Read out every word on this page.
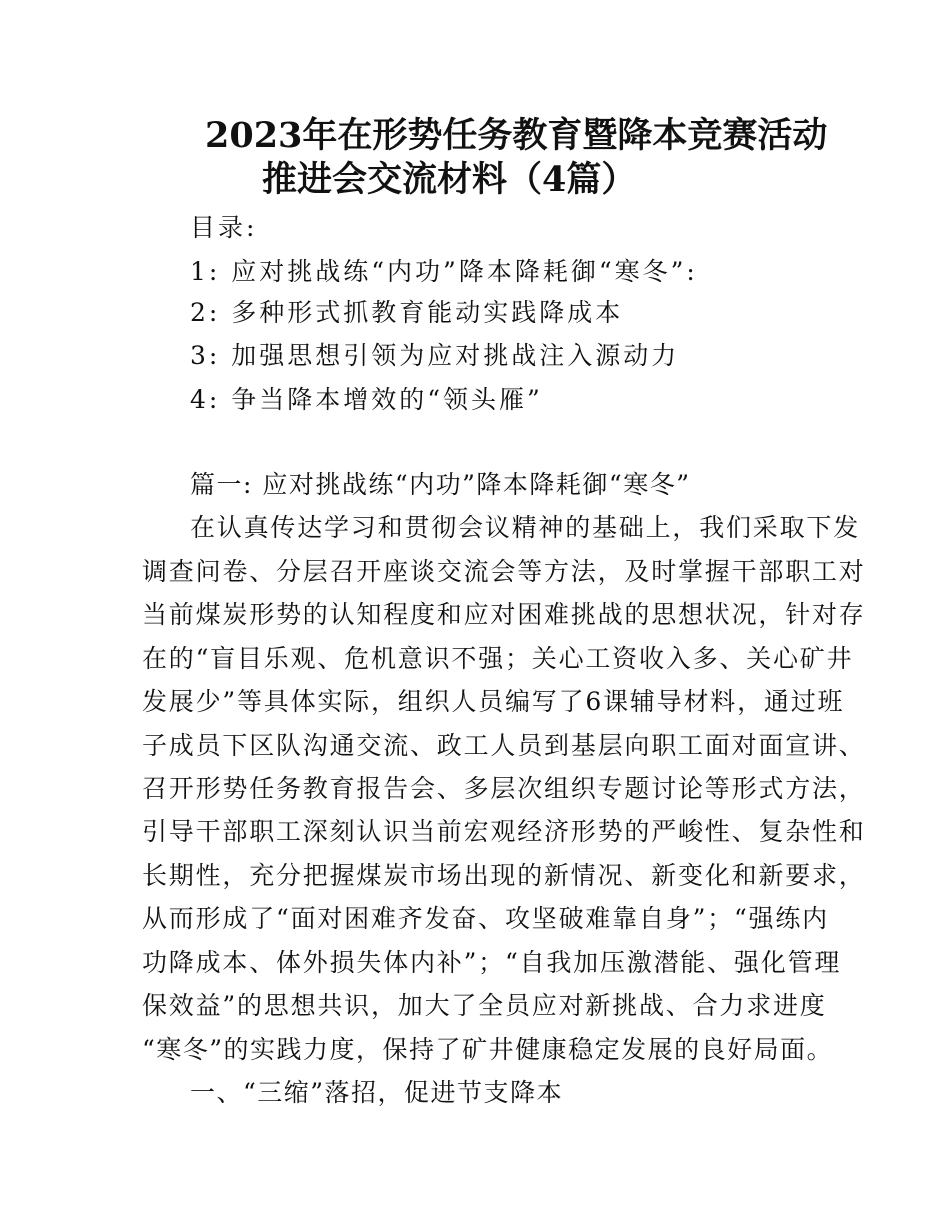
2023年在形势任务教育暨降本竞赛活动
推进会交流材料（4篇）
目录:
1: 应对挑战练“内功”降本降耗御“寒冬”:
2: 多种形式抓教育能动实践降成本
3: 加强思想引领为应对挑战注入源动力
4: 争当降本增效的“领头雁”
篇一: 应对挑战练“内功”降本降耗御“寒冬”
在认真传达学习和贯彻会议精神的基础上，我们采取下发
调查问卷、分层召开座谈交流会等方法，及时掌握干部职工对
当前煤炭形势的认知程度和应对困难挑战的思想状况，针对存
在的“盲目乐观、危机意识不强；关心工资收入多、关心矿井
发展少”等具体实际，组织人员编写了6课辅导材料，通过班
子成员下区队沟通交流、政工人员到基层向职工面对面宣讲、
召开形势任务教育报告会、多层次组织专题讨论等形式方法，
引导干部职工深刻认识当前宏观经济形势的严峻性、复杂性和
长期性，充分把握煤炭市场出现的新情况、新变化和新要求，
从而形成了“面对困难齐发奋、攻坚破难靠自身”；“强练内
功降成本、体外损失体内补”；“自我加压激潜能、强化管理
保效益”的思想共识，加大了全员应对新挑战、合力求进度
“寒冬”的实践力度，保持了矿井健康稳定发展的良好局面。
一、“三缩”落招，促进节支降本
